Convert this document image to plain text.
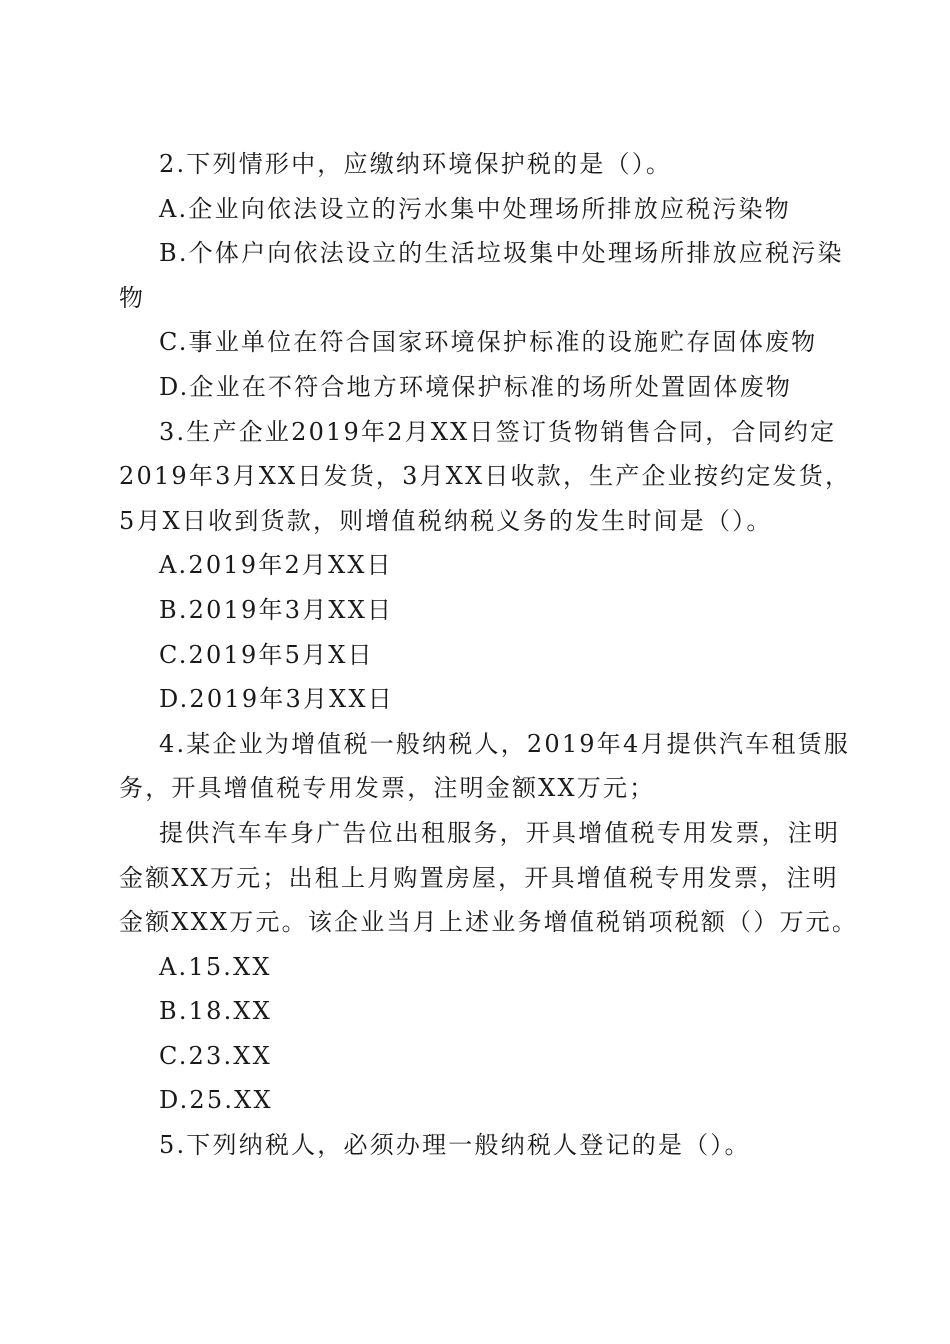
2.下列情形中，应缴纳环境保护税的是（）。
A.企业向依法设立的污水集中处理场所排放应税污染物
B.个体户向依法设立的生活垃圾集中处理场所排放应税污染
物
C.事业单位在符合国家环境保护标准的设施贮存固体废物
D.企业在不符合地方环境保护标准的场所处置固体废物
3.生产企业2019年2月XX日签订货物销售合同，合同约定
2019年3月XX日发货，3月XX日收款，生产企业按约定发货，
5月X日收到货款，则增值税纳税义务的发生时间是（）。
A.2019年2月XX日
B.2019年3月XX日
C.2019年5月X日
D.2019年3月XX日
4.某企业为增值税一般纳税人，2019年4月提供汽车租赁服
务，开具增值税专用发票，注明金额XX万元；
提供汽车车身广告位出租服务，开具增值税专用发票，注明
金额XX万元；出租上月购置房屋，开具增值税专用发票，注明
金额XXX万元。该企业当月上述业务增值税销项税额（）万元。
A.15.XX
B.18.XX
C.23.XX
D.25.XX
5.下列纳税人，必须办理一般纳税人登记的是（）。
